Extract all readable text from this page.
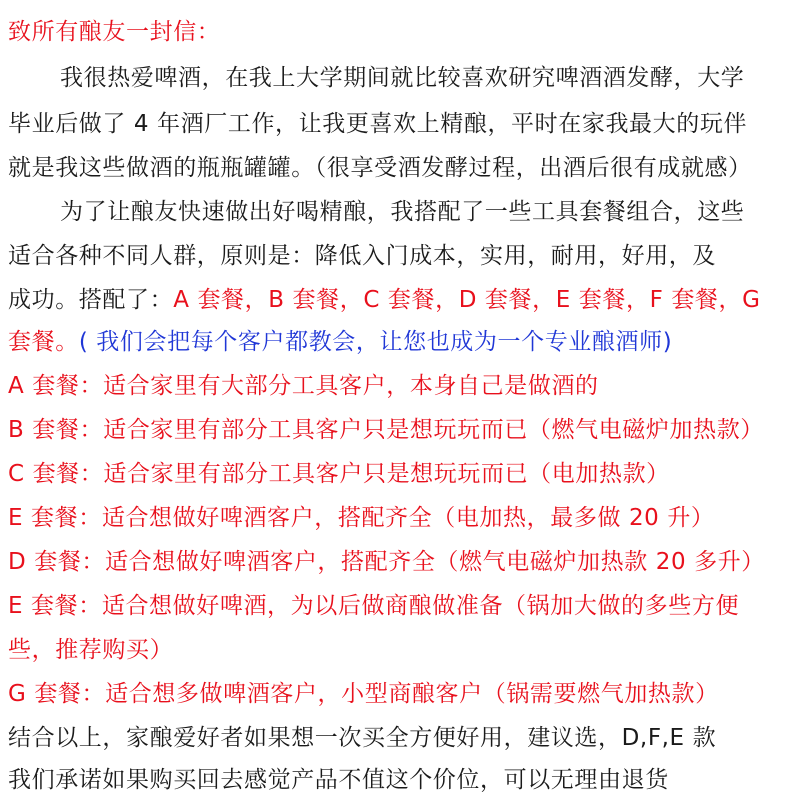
致所有酿友一封信：
我很热爱啤酒，在我上大学期间就比较喜欢研究啤酒酒发酵，大学
毕业后做了 4 年酒厂工作，让我更喜欢上精酿，平时在家我最大的玩伴
就是我这些做酒的瓶瓶罐罐。（很享受酒发酵过程，出酒后很有成就感）
为了让酿友快速做出好喝精酿，我搭配了一些工具套餐组合，这些
适合各种不同人群，原则是：降低入门成本，实用，耐用，好用，及
成功。搭配了：A 套餐，B 套餐，C 套餐，D 套餐，E 套餐，F 套餐，G
套餐。( 我们会把每个客户都教会，让您也成为一个专业酿酒师)
A 套餐：适合家里有大部分工具客户，本身自己是做酒的
B 套餐：适合家里有部分工具客户只是想玩玩而已（燃气电磁炉加热款）
C 套餐：适合家里有部分工具客户只是想玩玩而已（电加热款）
E 套餐：适合想做好啤酒客户，搭配齐全（电加热，最多做 20 升）
D 套餐：适合想做好啤酒客户，搭配齐全（燃气电磁炉加热款 20 多升）
E 套餐：适合想做好啤酒，为以后做商酿做准备（锅加大做的多些方便
些，推荐购买）
G 套餐：适合想多做啤酒客户，小型商酿客户（锅需要燃气加热款）
结合以上，家酿爱好者如果想一次买全方便好用，建议选，D,F,E 款
我们承诺如果购买回去感觉产品不值这个价位，可以无理由退货
